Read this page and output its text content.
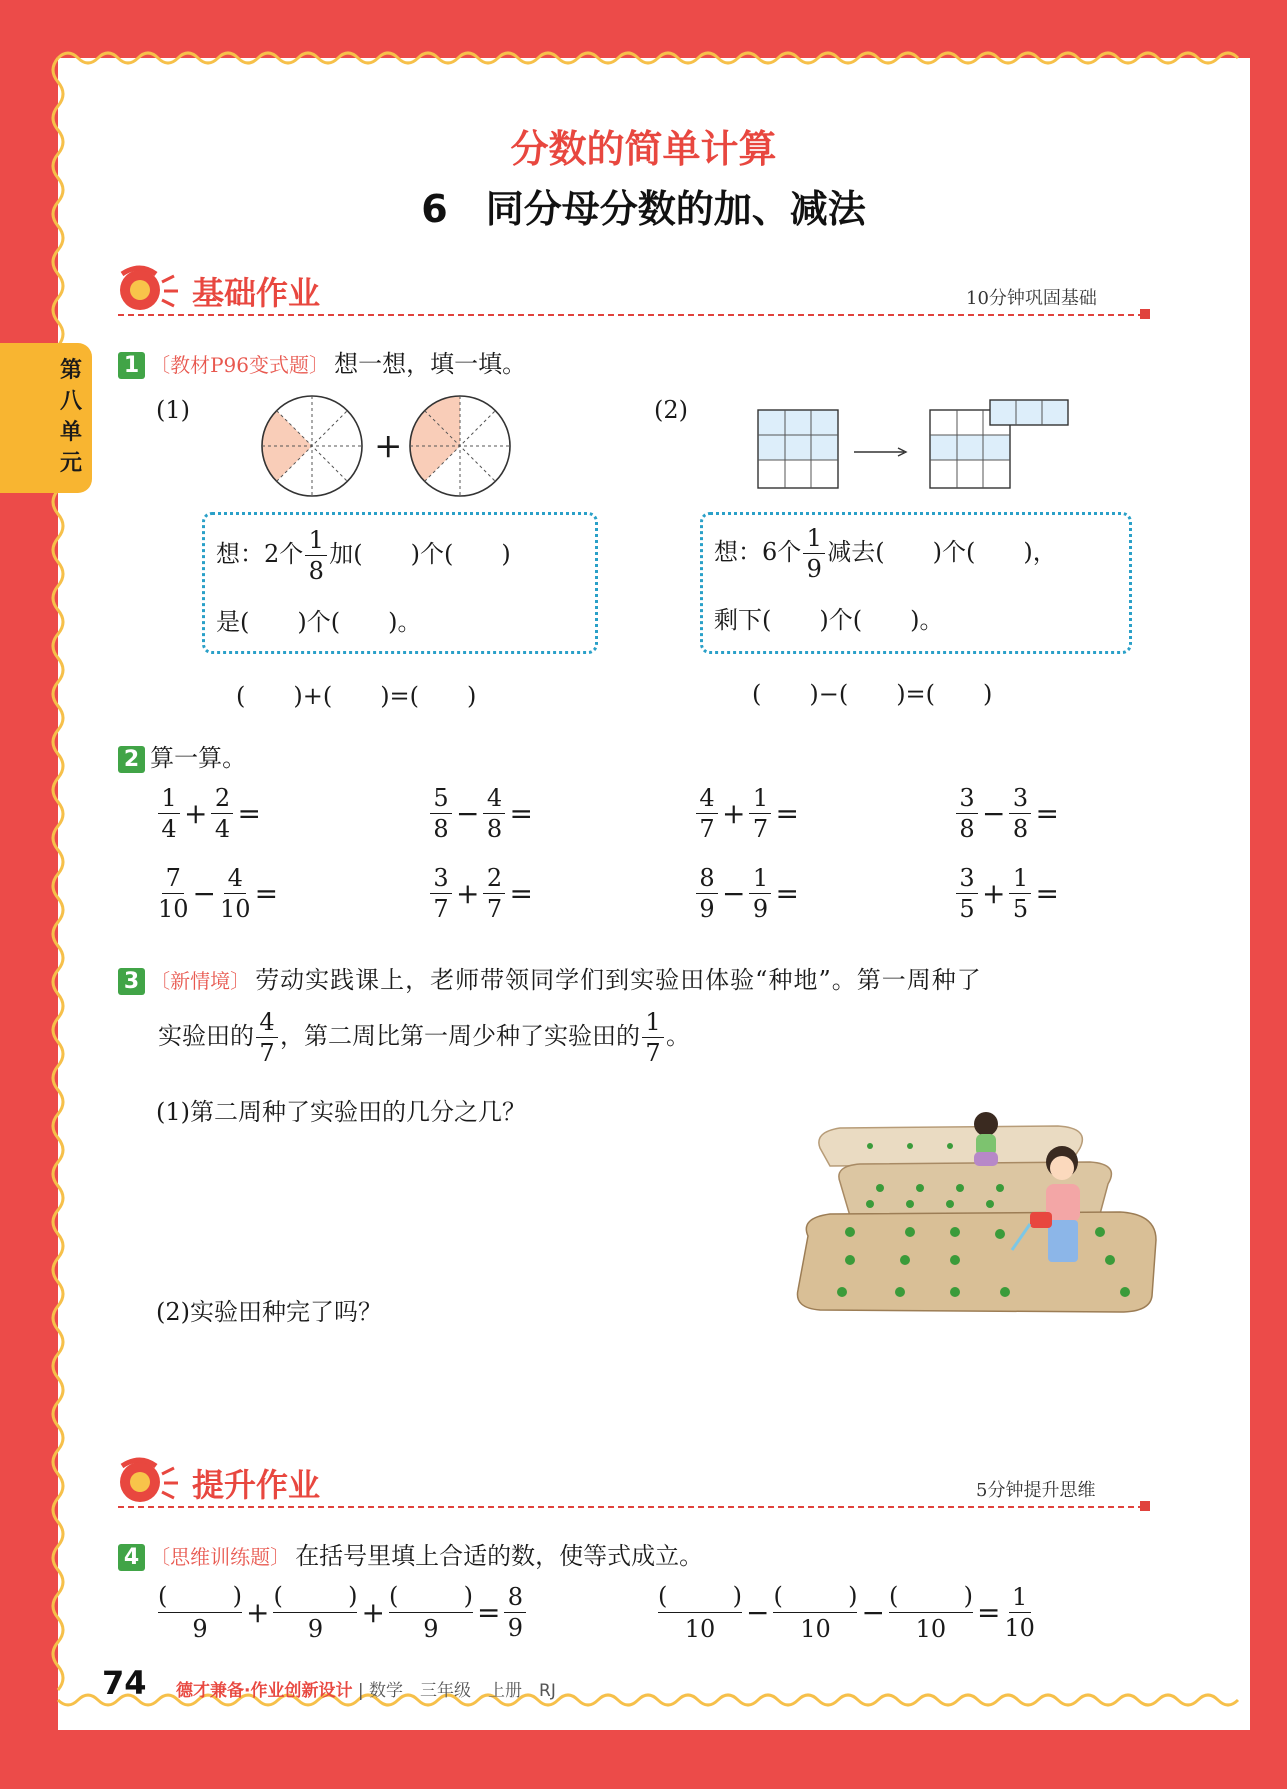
第
八
单
元
分数的简单计算
6　同分母分数的加、减法
基础作业	10分钟巩固基础
1 〔教材P96变式题〕 想一想，填一填。
(1)
+
想：2个 $\frac{1}{8}$ 加(　　)个(　　)
是(　　)个(　　)。
(　　)+(　　)=(　　)
(2)
想：6个 $\frac{1}{9}$ 减去(　　)个(　　)，
剩下(　　)个(　　)。
(　　)−(　　)=(　　)
2 算一算。
$\frac{1}{4} + \frac{2}{4}$ =	$\frac{5}{8} - \frac{4}{8}$ =	$\frac{4}{7} + \frac{1}{7}$ =	$\frac{3}{8} - \frac{3}{8}$ =
$\frac{7}{10} - \frac{4}{10}$ =	$\frac{3}{7} + \frac{2}{7}$ =	$\frac{8}{9} - \frac{1}{9}$ =	$\frac{3}{5} + \frac{1}{5}$ =
3 〔新情境〕 劳动实践课上，老师带领同学们到实验田体验“种地”。第一周种了
实验田的 $\frac{4}{7}$ ，第二周比第一周少种了实验田的 $\frac{1}{7}$ 。
(1)第二周种了实验田的几分之几？
(2)实验田种完了吗？
提升作业	5分钟提升思维
4 〔思维训练题〕 在括号里填上合适的数，使等式成立。
(	)
9 + (	)
9 + (	)
$9 = \frac{8}{9}$	(	)
10 − (	)
10 − (	)
$10 = \frac{1}{10}$
74 德才兼备·作业创新设计 | 数学　三年级　上册　RJ
